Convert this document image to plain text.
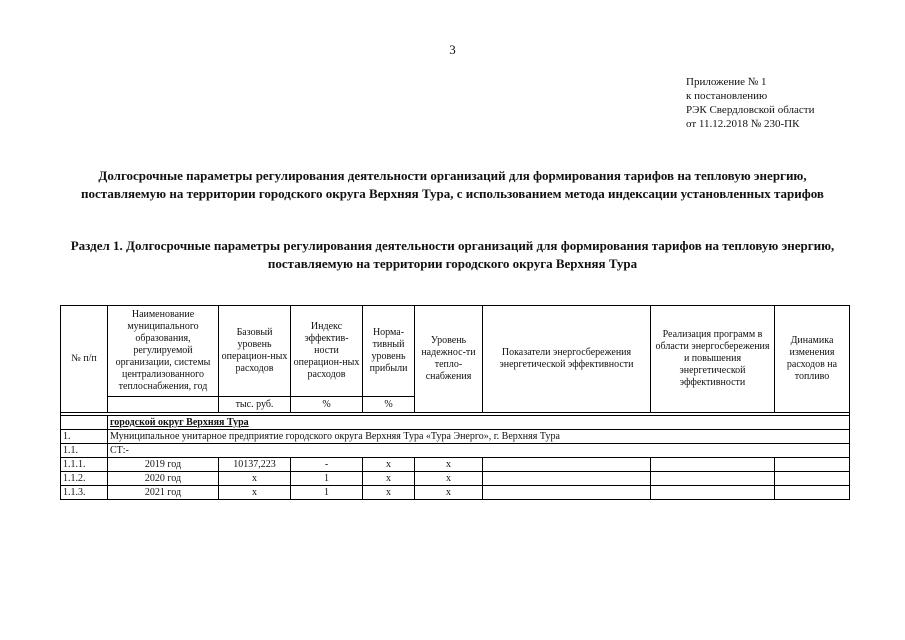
3
Приложение № 1
к постановлению
РЭК Свердловской области
от 11.12.2018 № 230-ПК
Долгосрочные параметры регулирования деятельности организаций для формирования тарифов на тепловую энергию, поставляемую на территории городского округа Верхняя Тура, с использованием метода индексации установленных тарифов
Раздел 1. Долгосрочные параметры регулирования деятельности организаций для формирования тарифов на тепловую энергию, поставляемую на территории городского округа Верхняя Тура
№ п/п	Наименование муниципального образования, регулируемой организации, системы централизованного теплоснабжения, год	Базовый уровень операцион-ных расходов	Индекс эффектив-ности операцион-ных расходов	Норма-тивный уровень прибыли	Уровень надежнос-ти тепло-снабжения	Показатели энергосбережения энергетической эффективности	Реализация программ в области энергосбережения и повышения энергетической эффективности	Динамика изменения расходов на топливо
		тыс. руб.	%	%				

	городской округ Верхняя Тура							
1.	Муниципальное унитарное предприятие городского округа Верхняя Тура «Тура Энерго», г. Верхняя Тура							
1.1.	СТ:-							
1.1.1.	2019 год	10137,223	-	x	x			
1.1.2.	2020 год	x	1	x	x			
1.1.3.	2021 год	x	1	x	x			
